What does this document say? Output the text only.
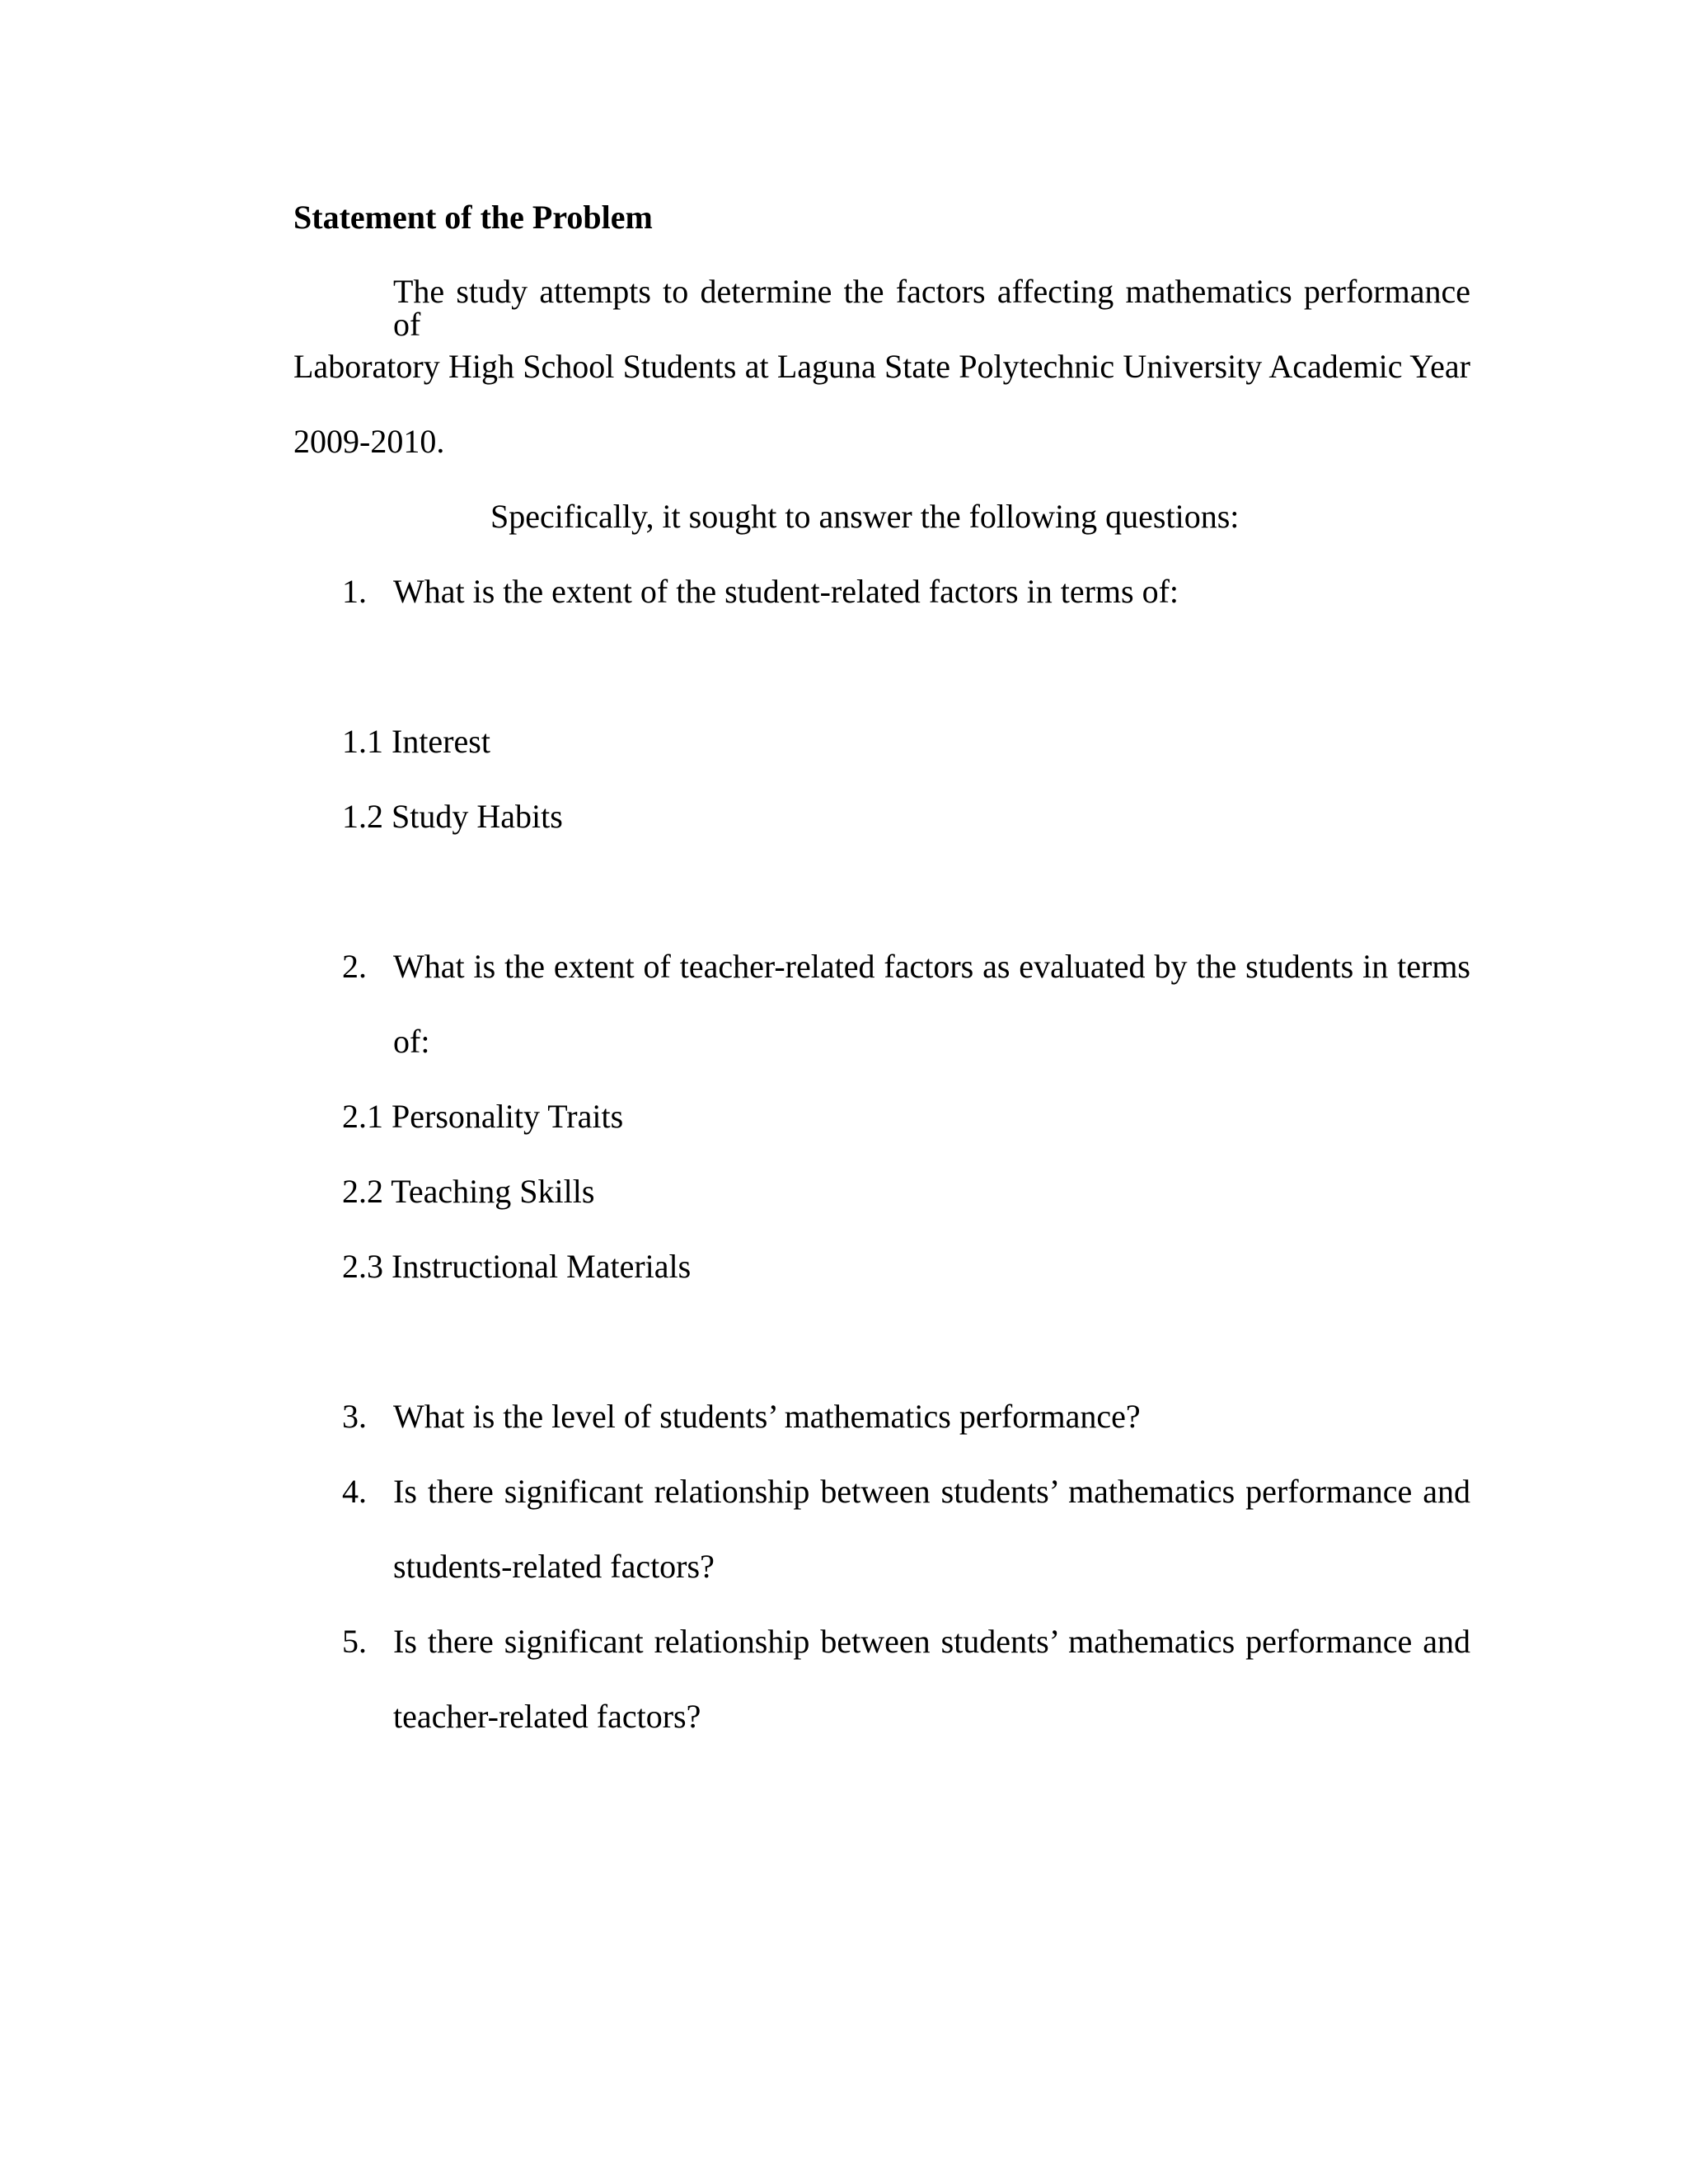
Statement of the Problem
The study attempts to determine the factors affecting mathematics performance of
Laboratory High School Students at Laguna State Polytechnic University Academic Year
2009-2010.
Specifically, it sought to answer the following questions:
1. What is the extent of the student-related factors in terms of:
1.1 Interest
1.2 Study Habits
2. What is the extent of teacher-related factors as evaluated by the students in terms
of:
2.1 Personality Traits
2.2 Teaching Skills
2.3 Instructional Materials
3. What is the level of students’ mathematics performance?
4. Is there significant relationship between students’ mathematics performance and
students-related factors?
5. Is there significant relationship between students’ mathematics performance and
teacher-related factors?
